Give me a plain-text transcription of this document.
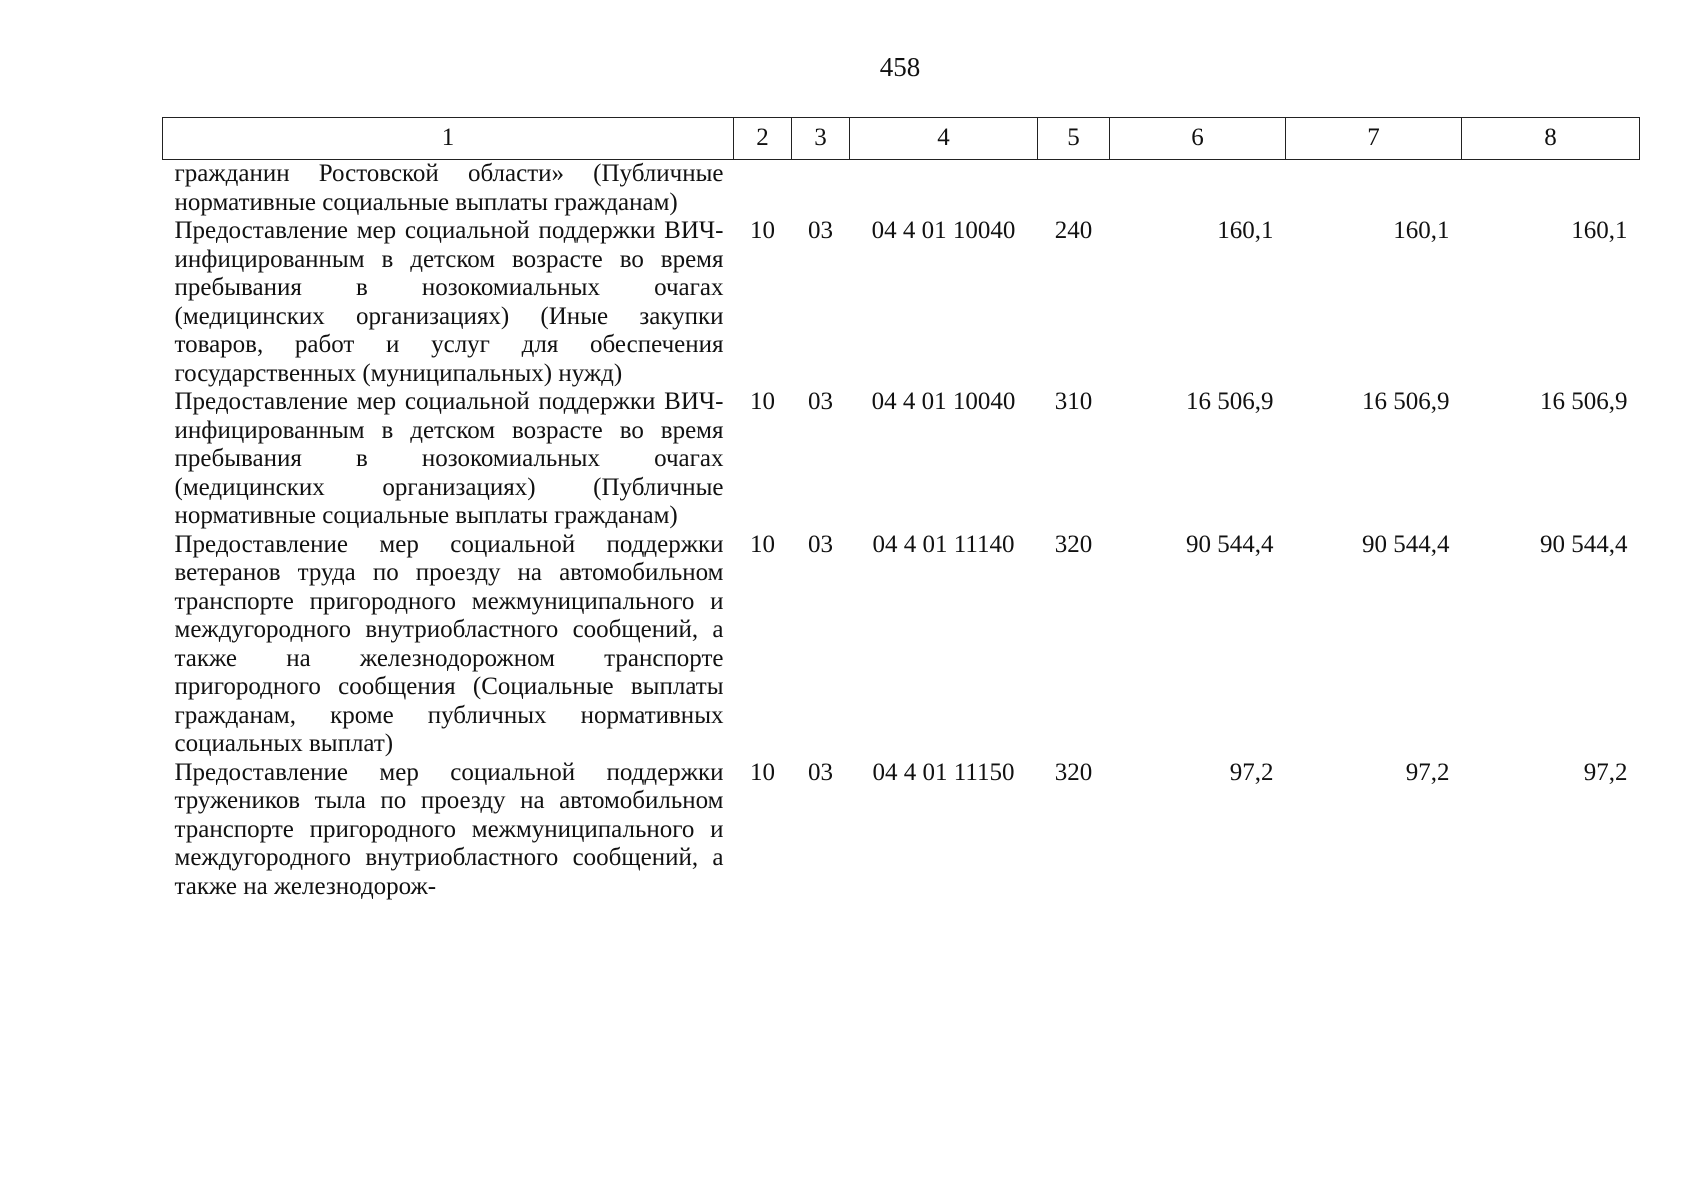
458
1	2	3	4	5	6	7	8
гражданин Ростовской области» (Публичные нормативные социальные выплаты гражданам)							
Предоставление мер социальной поддержки ВИЧ-инфицированным в детском возрасте во время пребывания в нозокомиальных очагах (медицинских организациях) (Иные закупки товаров, работ и услуг для обеспечения государственных (муниципальных) нужд)	10	03	04 4 01 10040	240	160,1	160,1	160,1
Предоставление мер социальной поддержки ВИЧ-инфицированным в детском возрасте во время пребывания в нозокомиальных очагах (медицинских организациях) (Публичные нормативные социальные выплаты гражданам)	10	03	04 4 01 10040	310	16 506,9	16 506,9	16 506,9
Предоставление мер социальной поддержки ветеранов труда по проезду на автомобильном транспорте пригородного межмуниципального и междугородного внутриобластного сообщений, а также на железнодорожном транспорте пригородного сообщения (Социальные выплаты гражданам, кроме публичных нормативных социальных выплат)	10	03	04 4 01 11140	320	90 544,4	90 544,4	90 544,4
Предоставление мер социальной поддержки тружеников тыла по проезду на автомобильном транспорте пригородного межмуниципального и междугородного внутриобластного сообщений, а также на железнодорож-	10	03	04 4 01 11150	320	97,2	97,2	97,2
